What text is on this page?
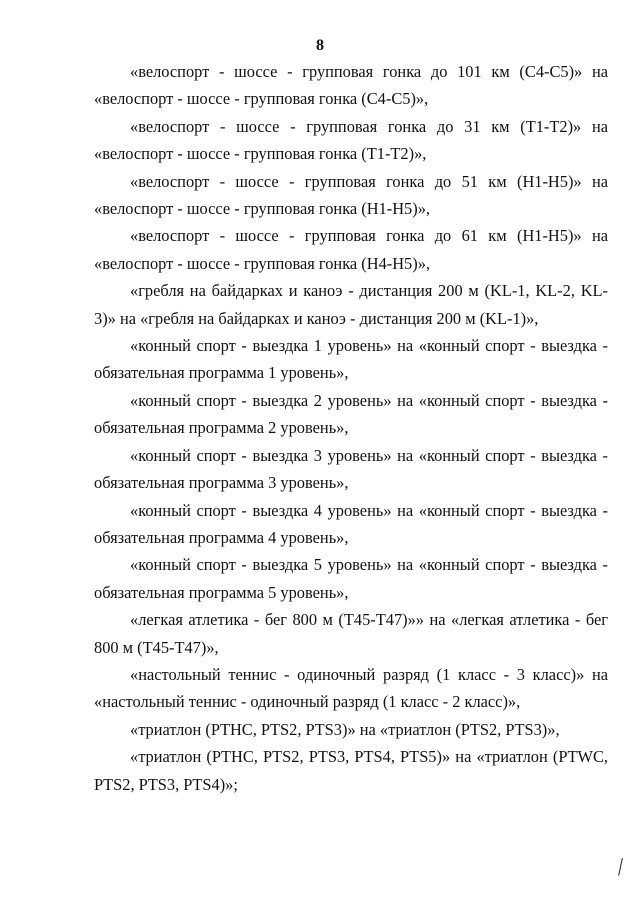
8

«велоспорт - шоссе - групповая гонка до 101 км (С4-С5)» на «велоспорт - шоссе - групповая гонка (С4-С5)»,

«велоспорт - шоссе - групповая гонка до 31 км (Т1-Т2)» на «велоспорт - шоссе - групповая гонка (Т1-Т2)»,

«велоспорт - шоссе - групповая гонка до 51 км (Н1-Н5)» на «велоспорт - шоссе - групповая гонка (Н1-Н5)»,

«велоспорт - шоссе - групповая гонка до 61 км (Н1-Н5)» на «велоспорт - шоссе - групповая гонка (Н4-Н5)»,

«гребля на байдарках и каноэ - дистанция 200 м (KL-1, KL-2, KL-3)» на «гребля на байдарках и каноэ - дистанция 200 м (KL-1)»,

«конный спорт - выездка 1 уровень» на «конный спорт - выездка - обязательная программа 1 уровень»,

«конный спорт - выездка 2 уровень» на «конный спорт - выездка - обязательная программа 2 уровень»,

«конный спорт - выездка 3 уровень» на «конный спорт - выездка - обязательная программа 3 уровень»,

«конный спорт - выездка 4 уровень» на «конный спорт - выездка - обязательная программа 4 уровень»,

«конный спорт - выездка 5 уровень» на «конный спорт - выездка - обязательная программа 5 уровень»,

«легкая атлетика - бег 800 м (Т45-Т47)»» на «легкая атлетика - бег 800 м (Т45-Т47)»,

«настольный теннис - одиночный разряд (1 класс - 3 класс)» на «настольный теннис - одиночный разряд (1 класс - 2 класс)»,

«триатлон (PTHC, PTS2, PTS3)» на «триатлон (PTS2, PTS3)»,

«триатлон (PTHC, PTS2, PTS3, PTS4, PTS5)» на «триатлон (PTWC, PTS2, PTS3, PTS4)»;
